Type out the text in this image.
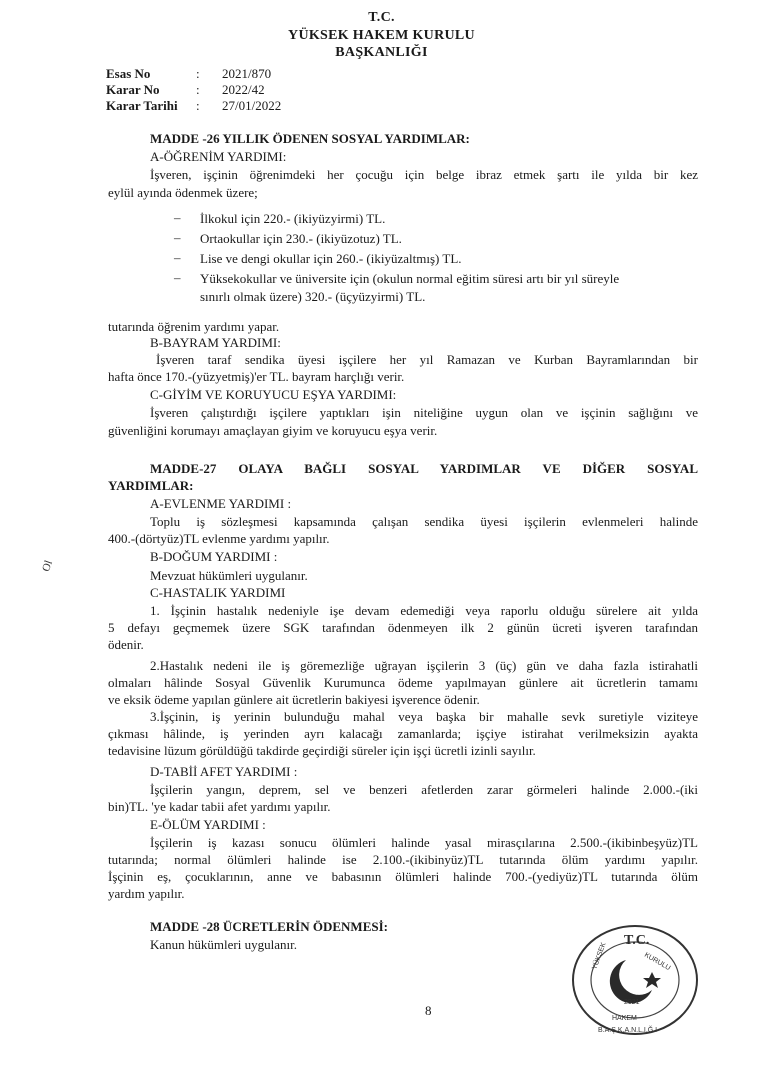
T.C.
YÜKSEK HAKEM KURULU
BAŞKANLIĞI
Esas No	: 2021/870
Karar No	: 2022/42
Karar Tarihi : 27/01/2022
MADDE -26 YILLIK ÖDENEN SOSYAL YARDIMLAR:
A-ÖĞRENİM YARDIMI:
İşveren, işçinin öğrenimdeki her çocuğu için belge ibraz etmek şartı ile yılda bir kez
eylül ayında ödenmek üzere;
– İlkokul için 220.- (ikiyüzyirmi) TL.
– Ortaokullar için 230.- (ikiyüzotuz) TL.
– Lise ve dengi okullar için 260.- (ikiyüzaltmış) TL.
– Yüksekokullar ve üniversite için (okulun normal eğitim süresi artı bir yıl süreyle
sınırlı olmak üzere) 320.- (üçyüzyirmi) TL.
tutarında öğrenim yardımı yapar.
B-BAYRAM YARDIMI:
İşveren taraf sendika üyesi işçilere her yıl Ramazan ve Kurban Bayramlarından bir
hafta önce 170.-(yüzyetmiş)'er TL. bayram harçlığı verir.
C-GİYİM VE KORUYUCU EŞYA YARDIMI:
İşveren çalıştırdığı işçilere yaptıkları işin niteliğine uygun olan ve işçinin sağlığını ve
güvenliğini korumayı amaçlayan giyim ve koruyucu eşya verir.
MADDE-27 OLAYA BAĞLI SOSYAL YARDIMLAR VE DİĞER SOSYAL
YARDIMLAR:
A-EVLENME YARDIMI :
Toplu iş sözleşmesi kapsamında çalışan sendika üyesi işçilerin evlenmeleri halinde
400.-(dörtyüz)TL evlenme yardımı yapılır.
B-DOĞUM YARDIMI :
Mevzuat hükümleri uygulanır.
C-HASTALIK YARDIMI
1. İşçinin hastalık nedeniyle işe devam edemediği veya raporlu olduğu sürelere ait yılda
5 defayı geçmemek üzere SGK tarafından ödenmeyen ilk 2 günün ücreti işveren tarafından
ödenir.
2.Hastalık nedeni ile iş göremezliğe uğrayan işçilerin 3 (üç) gün ve daha fazla istirahatli
olmaları hâlinde Sosyal Güvenlik Kurumunca ödeme yapılmayan günlere ait ücretlerin tamamı
ve eksik ödeme yapılan günlere ait ücretlerin bakiyesi işverence ödenir.
3.İşçinin, iş yerinin bulunduğu mahal veya başka bir mahalle sevk suretiyle viziteye
çıkması hâlinde, iş yerinden ayrı kalacağı zamanlarda; işçiye istirahat verilmeksizin ayakta
tedavisine lüzum görüldüğü takdirde geçirdiği süreler için işçi ücretli izinli sayılır.
D-TABİİ AFET YARDIMI :
İşçilerin yangın, deprem, sel ve benzeri afetlerden zarar görmeleri halinde 2.000.-(iki
bin)TL. 'ye kadar tabii afet yardımı yapılır.
E-ÖLÜM YARDIMI :
İşçilerin iş kazası sonucu ölümleri halinde yasal mirasçılarına 2.500.-(ikibinbeşyüz)TL
tutarında; normal ölümleri halinde ise 2.100.-(ikibinyüz)TL tutarında ölüm yardımı yapılır.
İşçinin eş, çocuklarının, anne ve babasının ölümleri halinde 700.-(yediyüz)TL tutarında ölüm
yardım yapılır.
MADDE -28 ÜCRETLERİN ÖDENMESİ:
Kanun hükümleri uygulanır.
8
Ol
T.C.
YÜKSEK	KURULU
HAKEM
B.A.Ş.K.A.N.L.I.Ğ.I
2921
